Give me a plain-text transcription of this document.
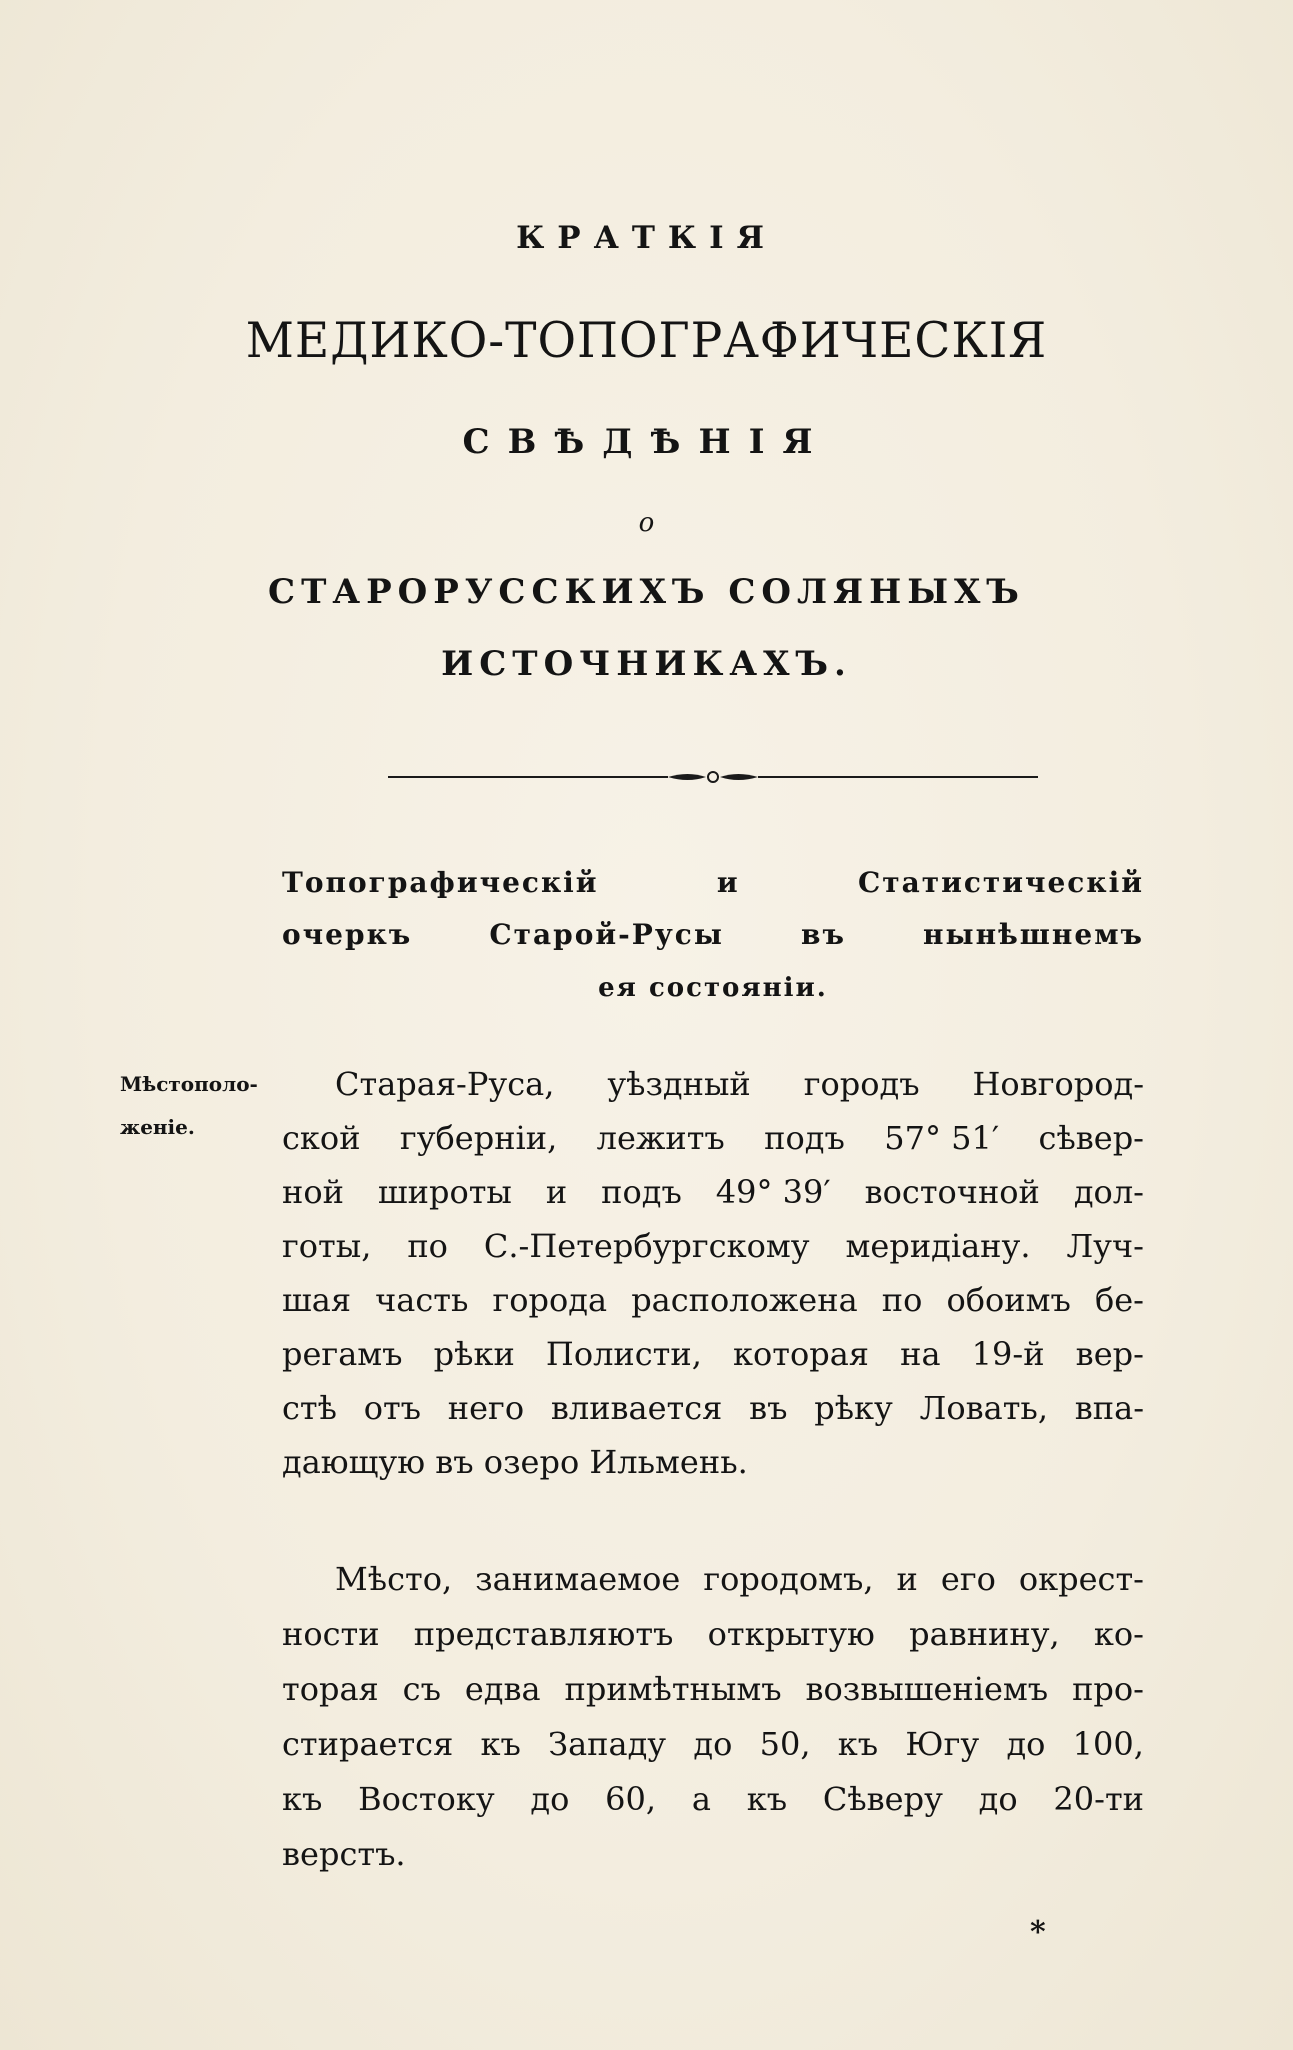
КРАТКІЯ
МЕДИКО-ТОПОГРАФИЧЕСКІЯ
СВѢДѢНІЯ
о
СТАРОРУССКИХЪ СОЛЯНЫХЪ
ИСТОЧНИКАХЪ.
Топографическій	и	Статистическій
очеркъ	Старой-Русы	въ	нынѣшнемъ
ея состояніи.
Мѣстополо-
женіе.
Старая-Руса, уѣздный городъ Новгород-
ской губерніи, лежитъ подъ 57° 51′ сѣвер-
ной широты и подъ 49° 39′ восточной дол-
готы, по С.-Петербургскому меридіану. Луч-
шая часть города расположена по обоимъ бе-
регамъ рѣки Полисти, которая на 19-й вер-
стѣ отъ него вливается въ рѣку Ловать, впа-
дающую въ озеро Ильмень.
Мѣсто, занимаемое городомъ, и его окрест-
ности представляютъ открытую равнину, ко-
торая съ едва примѣтнымъ возвышеніемъ про-
стирается къ Западу до 50, къ Югу до 100,
къ Востоку до 60, а къ Сѣверу до 20-ти
верстъ.
*
